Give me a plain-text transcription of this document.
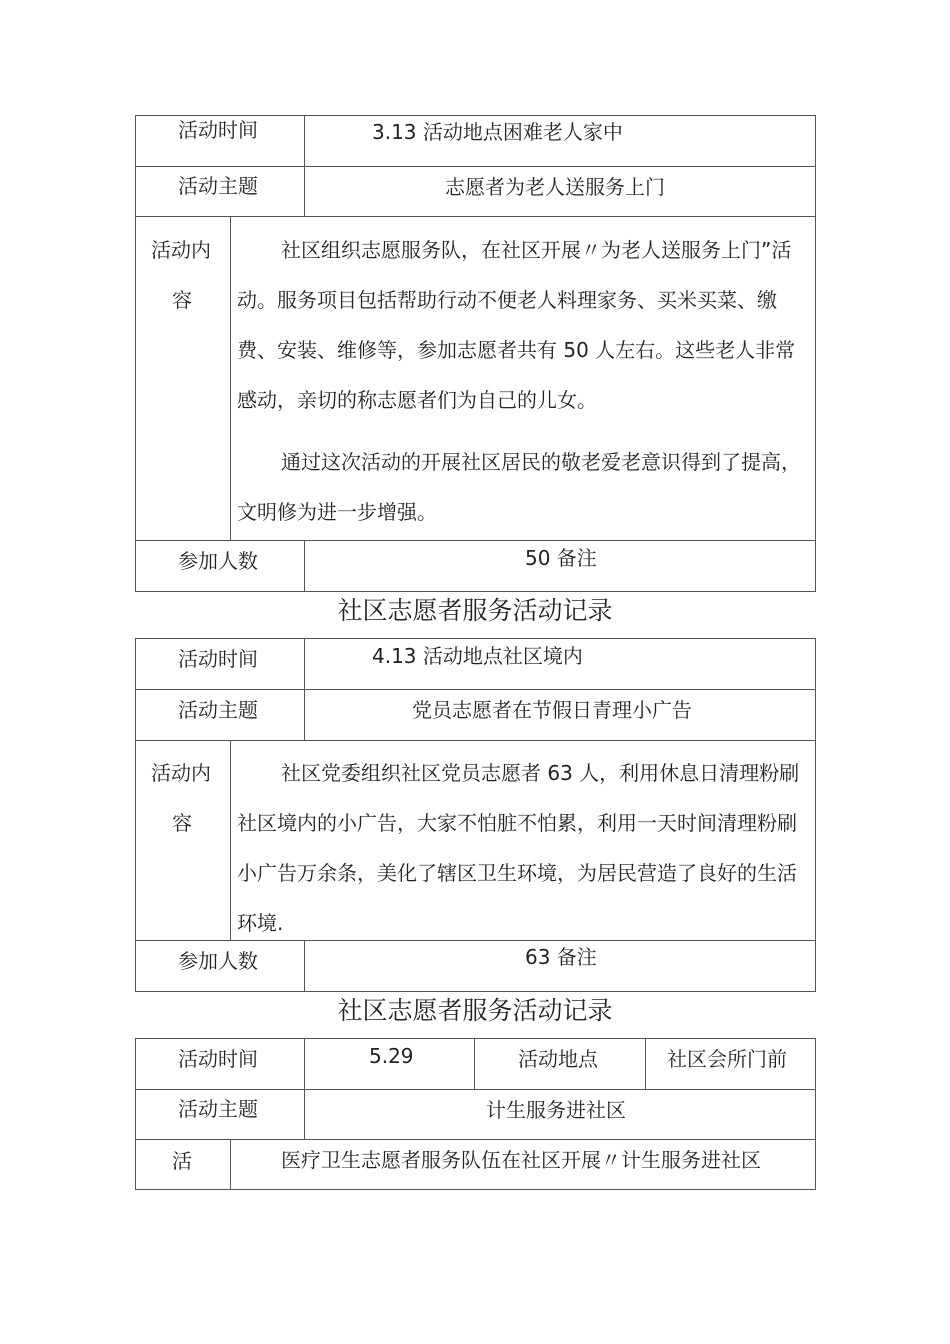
活动时间	3.13 活动地点困难老人家中
活动主题	志愿者为老人送服务上门
活动内
容
社区组织志愿服务队，在社区开展〃为老人送服务上门”活动。服务项目包括帮助行动不便老人料理家务、买米买菜、缴费、安装、维修等，参加志愿者共有 50 人左右。这些老人非常感动，亲切的称志愿者们为自己的儿女。
通过这次活动的开展社区居民的敬老爱老意识得到了提高，文明修为进一步增强。
参加人数	50 备注
社区志愿者服务活动记录
活动时间	4.13 活动地点社区境内
活动主题	党员志愿者在节假日青理小广告
活动内
容
社区党委组织社区党员志愿者 63 人，利用休息日清理粉刷社区境内的小广告，大家不怕脏不怕累，利用一天时间清理粉刷小广告万余条，美化了辖区卫生环境，为居民营造了良好的生活环境.
参加人数	63 备注
社区志愿者服务活动记录
活动时间	5.29	活动地点	社区会所门前
活动主题	计生服务进社区
活	医疗卫生志愿者服务队伍在社区开展〃计生服务进社区
